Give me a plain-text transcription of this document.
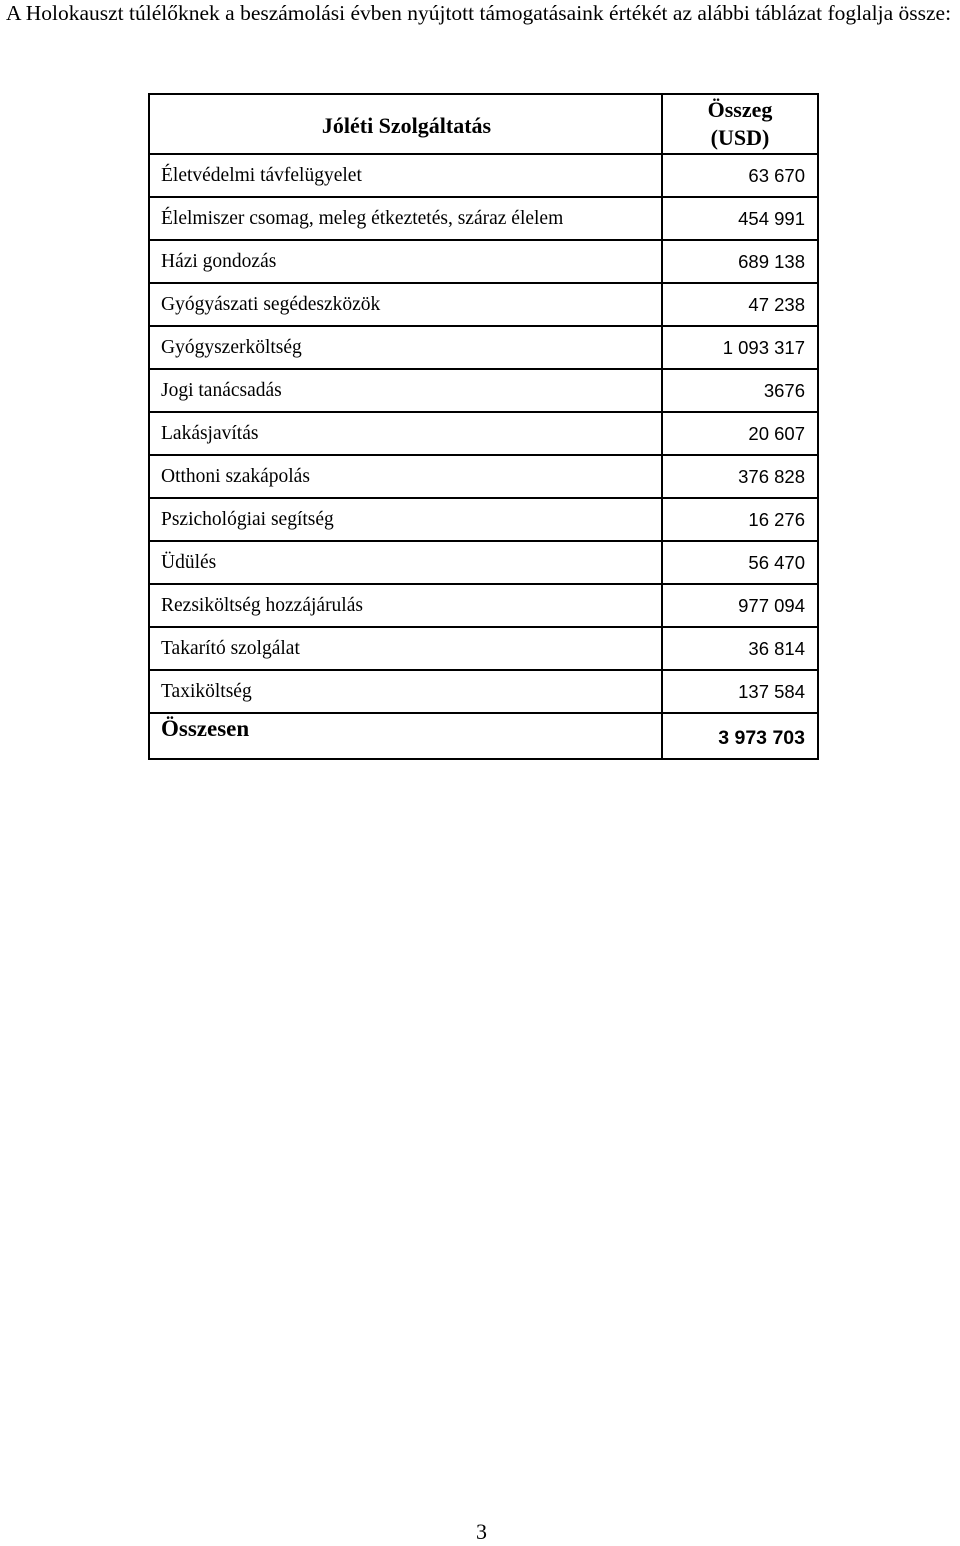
A Holokauszt túlélőknek a beszámolási évben nyújtott támogatásaink értékét az alábbi táblázat foglalja össze:
Jóléti Szolgáltatás	Összeg
(USD)
Életvédelmi távfelügyelet	63 670
Élelmiszer csomag, meleg étkeztetés, száraz élelem	454 991
Házi gondozás	689 138
Gyógyászati segédeszközök	47 238
Gyógyszerköltség	1 093 317
Jogi tanácsadás	3676
Lakásjavítás	20 607
Otthoni szakápolás	376 828
Pszichológiai segítség	16 276
Üdülés	56 470
Rezsiköltség hozzájárulás	977 094
Takarító szolgálat	36 814
Taxiköltség	137 584
Összesen	3 973 703
3
